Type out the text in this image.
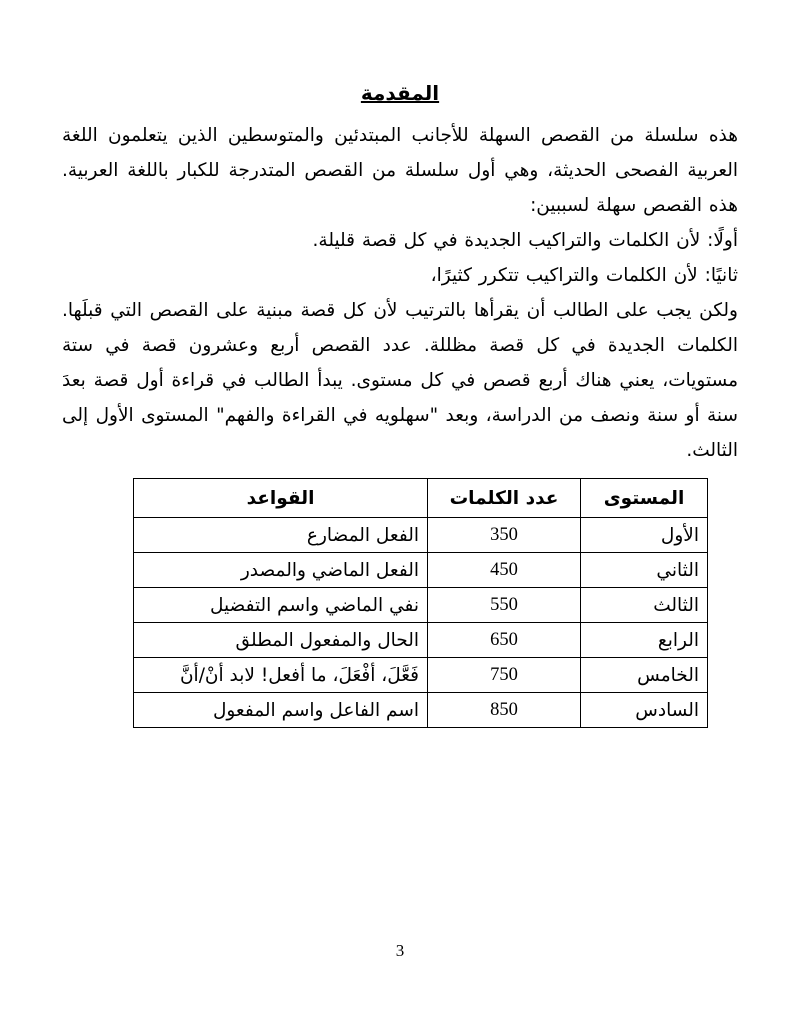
المقدمة

هذه سلسلة من القصص السهلة للأجانب المبتدئين والمتوسطين الذين يتعلمون اللغة العربية الفصحى الحديثة، وهي أول سلسلة من القصص المتدرجة للكبار باللغة العربية. هذه القصص سهلة لسببين:

أولًا: لأن الكلمات والتراكيب الجديدة في كل قصة قليلة.

ثانيًا: لأن الكلمات والتراكيب تتكرر كثيرًا،

ولكن يجب على الطالب أن يقرأها بالترتيب لأن كل قصة مبنية على القصص التي قبلَها. الكلمات الجديدة في كل قصة مظللة. عدد القصص أربع وعشرون قصة في ستة مستويات، يعني هناك أربع قصص في كل مستوى. يبدأ الطالب في قراءة أول قصة بعدَ سنة أو سنة ونصف من الدراسة، وبعد "سهلويه في القراءة والفهم" المستوى الأول إلى الثالث.

المستوى	عدد الكلمات	القواعد
الأول	350	الفعل المضارع
الثاني	450	الفعل الماضي والمصدر
الثالث	550	نفي الماضي واسم التفضيل
الرابع	650	الحال والمفعول المطلق
الخامس	750	فَعَّلَ، أفْعَلَ، ما أفعل! لابد أنْ/أنَّ
السادس	850	اسم الفاعل واسم المفعول
3
